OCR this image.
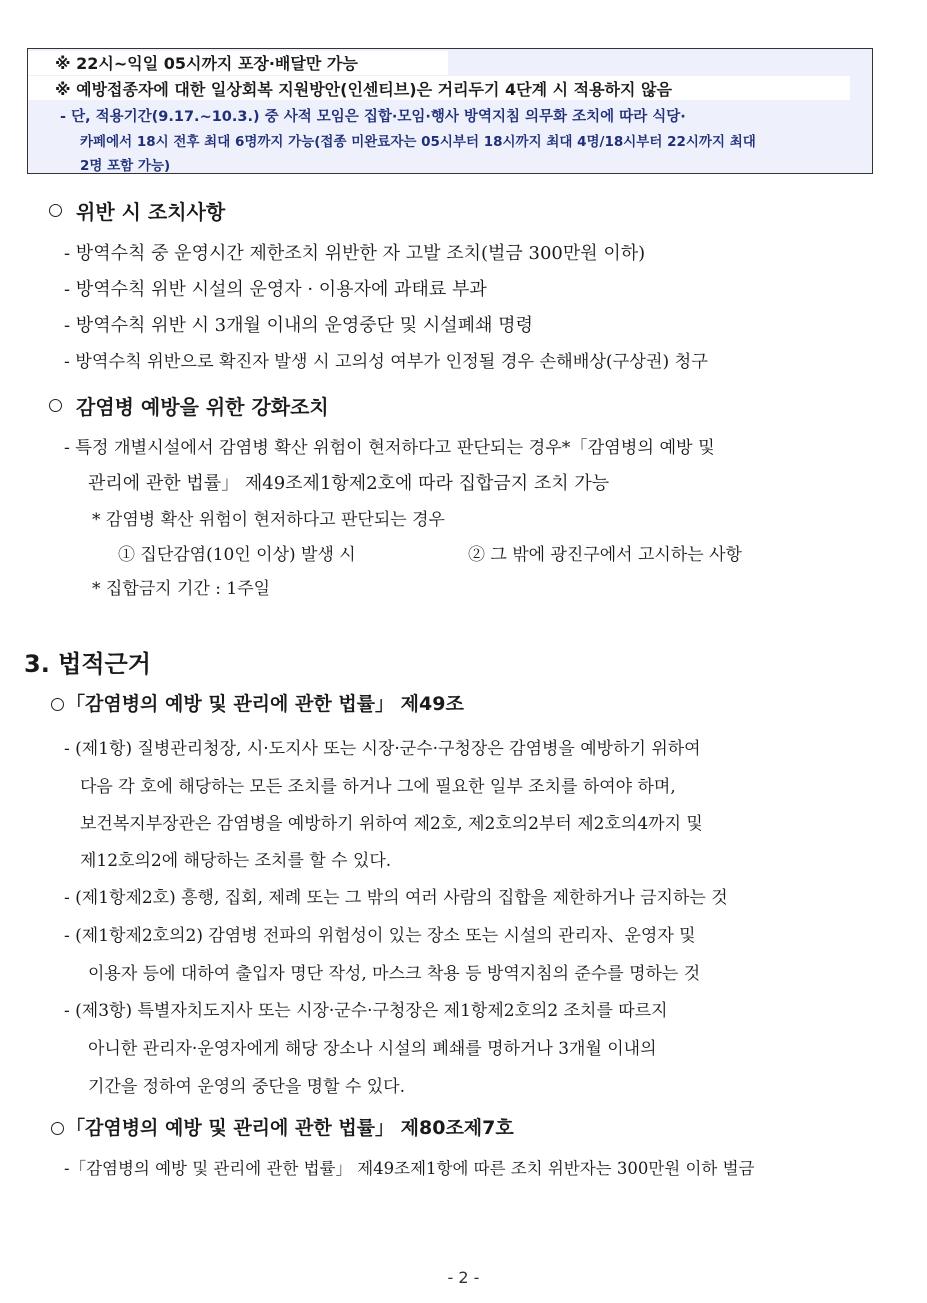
※ 22시~익일 05시까지 포장·배달만 가능
※ 예방접종자에 대한 일상회복 지원방안(인센티브)은 거리두기 4단계 시 적용하지 않음
- 단, 적용기간(9.17.~10.3.) 중 사적 모임은 집합·모임·행사 방역지침 의무화 조치에 따라 식당·
카페에서 18시 전후 최대 6명까지 가능(접종 미완료자는 05시부터 18시까지 최대 4명/18시부터 22시까지 최대
2명 포함 가능)
위반 시 조치사항
- 방역수칙 중 운영시간 제한조치 위반한 자 고발 조치(벌금 300만원 이하)
- 방역수칙 위반 시설의 운영자 · 이용자에 과태료 부과
- 방역수칙 위반 시 3개월 이내의 운영중단 및 시설폐쇄 명령
- 방역수칙 위반으로 확진자 발생 시 고의성 여부가 인정될 경우 손해배상(구상권) 청구
감염병 예방을 위한 강화조치
- 특정 개별시설에서 감염병 확산 위험이 현저하다고 판단되는 경우*「감염병의 예방 및
관리에 관한 법률」 제49조제1항제2호에 따라 집합금지 조치 가능
* 감염병 확산 위험이 현저하다고 판단되는 경우
① 집단감염(10인 이상) 발생 시	② 그 밖에 광진구에서 고시하는 사항
* 집합금지 기간 : 1주일
3. 법적근거
「감염병의 예방 및 관리에 관한 법률」 제49조
- (제1항) 질병관리청장, 시·도지사 또는 시장·군수·구청장은 감염병을 예방하기 위하여
다음 각 호에 해당하는 모든 조치를 하거나 그에 필요한 일부 조치를 하여야 하며,
보건복지부장관은 감염병을 예방하기 위하여 제2호, 제2호의2부터 제2호의4까지 및
제12호의2에 해당하는 조치를 할 수 있다.
- (제1항제2호) 흥행, 집회, 제례 또는 그 밖의 여러 사람의 집합을 제한하거나 금지하는 것
- (제1항제2호의2) 감염병 전파의 위험성이 있는 장소 또는 시설의 관리자、운영자 및
이용자 등에 대하여 출입자 명단 작성, 마스크 착용 등 방역지침의 준수를 명하는 것
- (제3항) 특별자치도지사 또는 시장·군수·구청장은 제1항제2호의2 조치를 따르지
아니한 관리자·운영자에게 해당 장소나 시설의 폐쇄를 명하거나 3개월 이내의
기간을 정하여 운영의 중단을 명할 수 있다.
「감염병의 예방 및 관리에 관한 법률」 제80조제7호
-「감염병의 예방 및 관리에 관한 법률」 제49조제1항에 따른 조치 위반자는 300만원 이하 벌금
- 2 -
